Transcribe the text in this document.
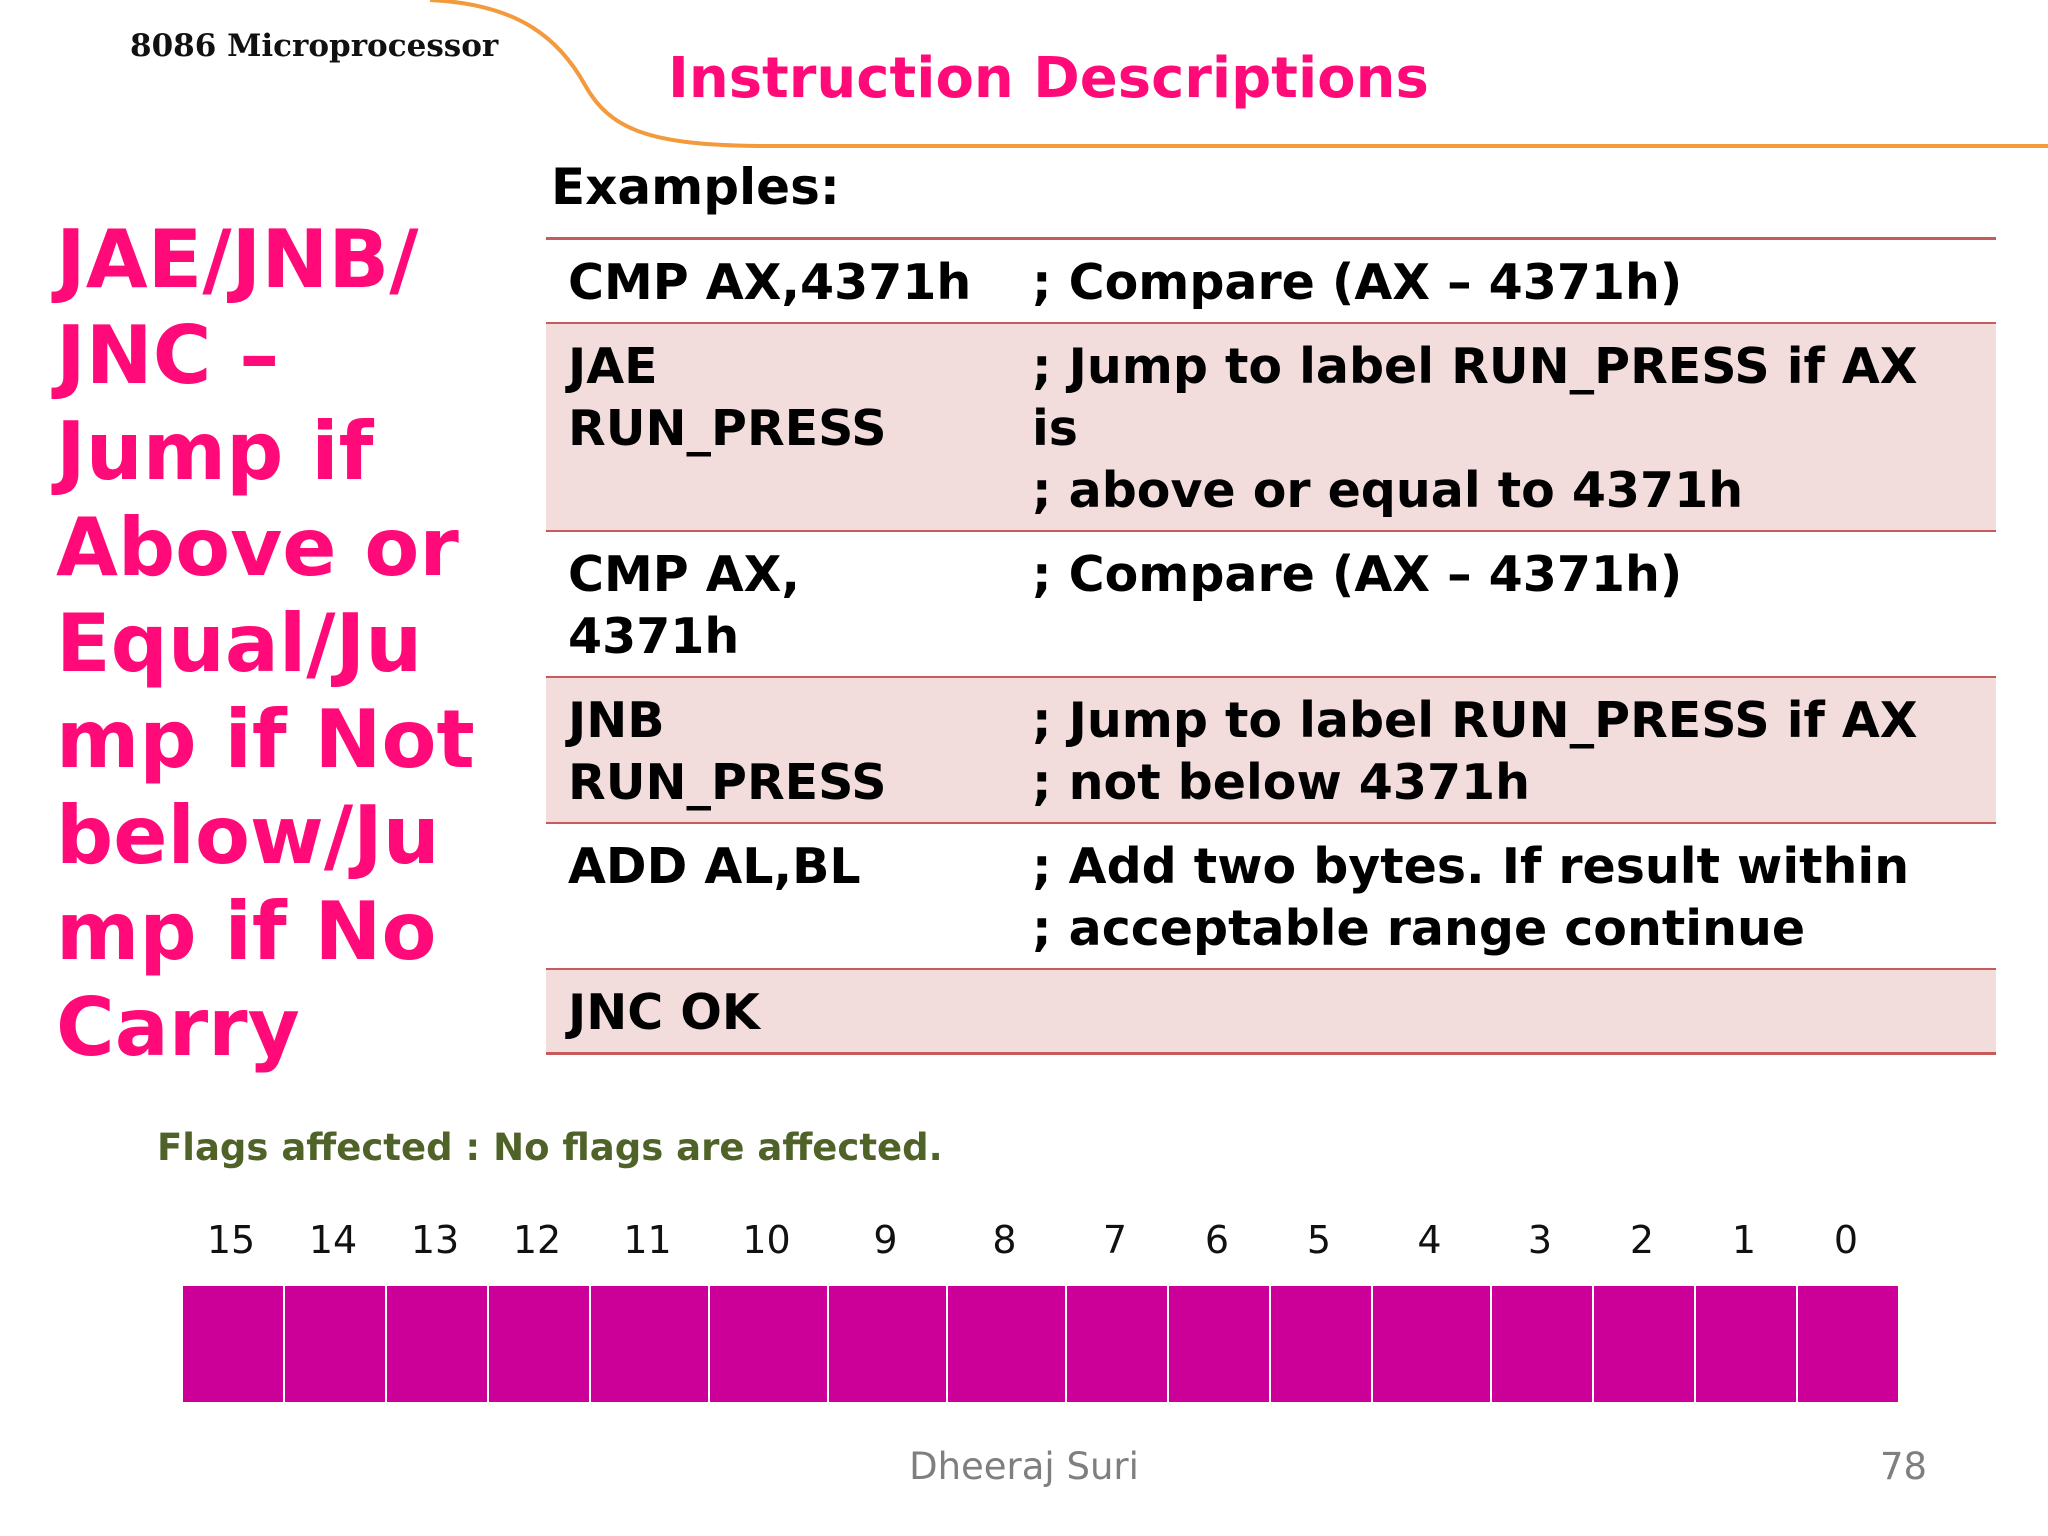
8086 Microprocessor	Instruction Descriptions
JAE/JNB/
JNC –
Jump if
Above or
Equal/Ju
mp if Not
below/Ju
mp if No
Carry
Examples:
CMP AX,4371h	; Compare (AX – 4371h)

JAE
RUN_PRESS	; Jump to label RUN_PRESS if AX
is
; above or equal to 4371h

CMP AX,
4371h	; Compare (AX – 4371h)

JNB
RUN_PRESS	; Jump to label RUN_PRESS if AX
; not below 4371h

ADD AL,BL	; Add two bytes. If result within
; acceptable range continue

JNC OK	

Flags affected : No flags are affected.
15 14 13 12 11 10	9	8	7	6	5	4	3	2	1	0
Dheeraj Suri	78
